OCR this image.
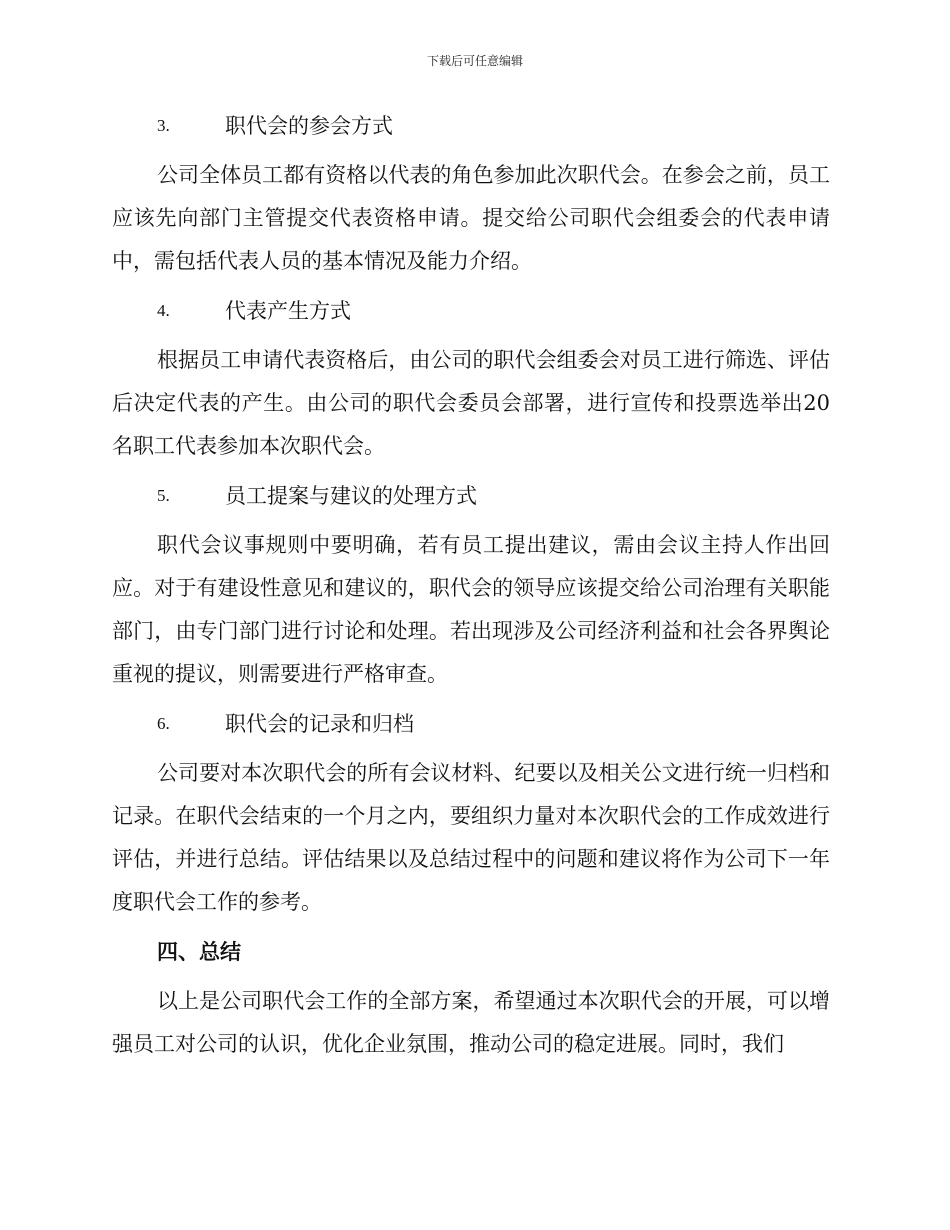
下载后可任意编辑
3.	职代会的参会方式

公司全体员工都有资格以代表的角色参加此次职代会。在参会之前，员工应该先向部门主管提交代表资格申请。提交给公司职代会组委会的代表申请中，需包括代表人员的基本情况及能力介绍。

4.	代表产生方式

根据员工申请代表资格后，由公司的职代会组委会对员工进行筛选、评估后决定代表的产生。由公司的职代会委员会部署，进行宣传和投票选举出20名职工代表参加本次职代会。

5.	员工提案与建议的处理方式

职代会议事规则中要明确，若有员工提出建议，需由会议主持人作出回应。对于有建设性意见和建议的，职代会的领导应该提交给公司治理有关职能部门，由专门部门进行讨论和处理。若出现涉及公司经济利益和社会各界舆论重视的提议，则需要进行严格审查。

6.	职代会的记录和归档

公司要对本次职代会的所有会议材料、纪要以及相关公文进行统一归档和记录。在职代会结束的一个月之内，要组织力量对本次职代会的工作成效进行评估，并进行总结。评估结果以及总结过程中的问题和建议将作为公司下一年度职代会工作的参考。

四、总结

以上是公司职代会工作的全部方案，希望通过本次职代会的开展，可以增强员工对公司的认识，优化企业氛围，推动公司的稳定进展。同时，我们
